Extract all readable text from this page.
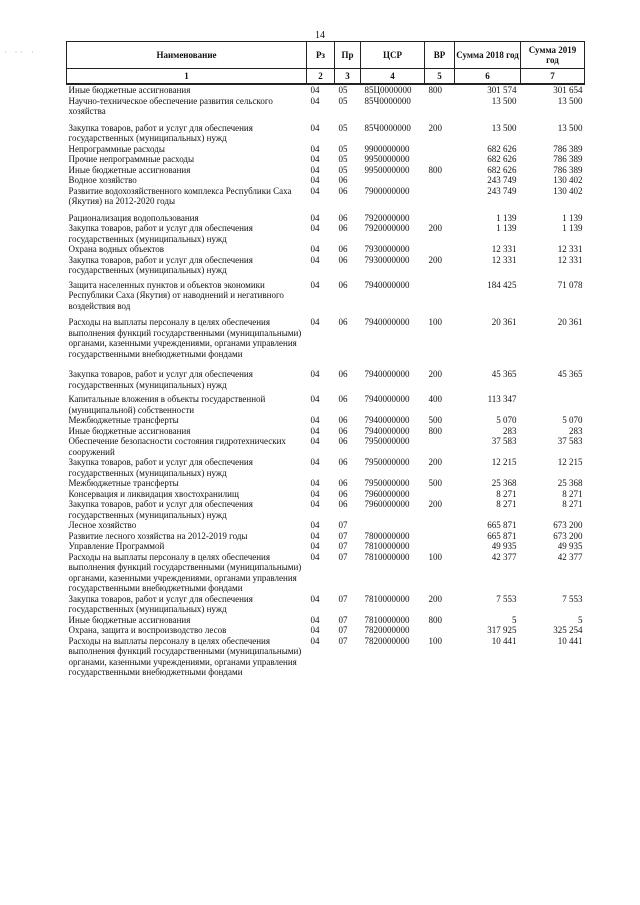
14
· ·· ·	Наименование	Рз	Пр	ЦСР	ВР	Сумма 2018 год	Сумма 2019 год
1	2	3	4	5	6	7
Иные бюджетные ассигнования	04	05	85Ц0000000	800	301 574	301 654
Научно-техническое обеспечение развития сельского хозяйства	04	05	85Ч0000000		13 500	13 500
Закупка товаров, работ и услуг для обеспечения государственных (муниципальных) нужд	04	05	85Ч0000000	200	13 500	13 500
Непрограммные расходы	04	05	9900000000		682 626	786 389
Прочие непрограммные расходы	04	05	9950000000		682 626	786 389
Иные бюджетные ассигнования	04	05	9950000000	800	682 626	786 389
Водное хозяйство	04	06			243 749	130 402
Развитие водохозяйственного комплекса Республики Саха (Якутия) на 2012-2020 годы	04	06	7900000000		243 749	130 402
Рационализация водопользования	04	06	7920000000		1 139	1 139
Закупка товаров, работ и услуг для обеспечения государственных (муниципальных) нужд	04	06	7920000000	200	1 139	1 139
Охрана водных объектов	04	06	7930000000		12 331	12 331
Закупка товаров, работ и услуг для обеспечения государственных (муниципальных) нужд	04	06	7930000000	200	12 331	12 331
Защита населенных пунктов и объектов экономики Республики Саха (Якутия) от наводнений и негативного воздействия вод	04	06	7940000000		184 425	71 078
Расходы на выплаты персоналу в целях обеспечения выполнения функций государственными (муниципальными) органами, казенными учреждениями, органами управления государственными внебюджетными фондами	04	06	7940000000	100	20 361	20 361
Закупка товаров, работ и услуг для обеспечения государственных (муниципальных) нужд	04	06	7940000000	200	45 365	45 365
Капитальные вложения в объекты государственной (муниципальной) собственности	04	06	7940000000	400	113 347	
Межбюджетные трансферты	04	06	7940000000	500	5 070	5 070
Иные бюджетные ассигнования	04	06	7940000000	800	283	283
Обеспечение безопасности состояния гидротехнических сооружений	04	06	7950000000		37 583	37 583
Закупка товаров, работ и услуг для обеспечения государственных (муниципальных) нужд	04	06	7950000000	200	12 215	12 215
Межбюджетные трансферты	04	06	7950000000	500	25 368	25 368
Консервация и ликвидация хвостохранилищ	04	06	7960000000		8 271	8 271
Закупка товаров, работ и услуг для обеспечения государственных (муниципальных) нужд	04	06	7960000000	200	8 271	8 271
Лесное хозяйство	04	07			665 871	673 200
Развитие лесного хозяйства на 2012-2019 годы	04	07	7800000000		665 871	673 200
Управление Программой	04	07	7810000000		49 935	49 935
Расходы на выплаты персоналу в целях обеспечения выполнения функций государственными (муниципальными) органами, казенными учреждениями, органами управления государственными внебюджетными фондами	04	07	7810000000	100	42 377	42 377
Закупка товаров, работ и услуг для обеспечения государственных (муниципальных) нужд	04	07	7810000000	200	7 553	7 553
Иные бюджетные ассигнования	04	07	7810000000	800	5	5
Охрана, защита и воспроизводство лесов	04	07	7820000000		317 925	325 254
Расходы на выплаты персоналу в целях обеспечения выполнения функций государственными (муниципальными) органами, казенными учреждениями, органами управления государственными внебюджетными фондами	04	07	7820000000	100	10 441	10 441
